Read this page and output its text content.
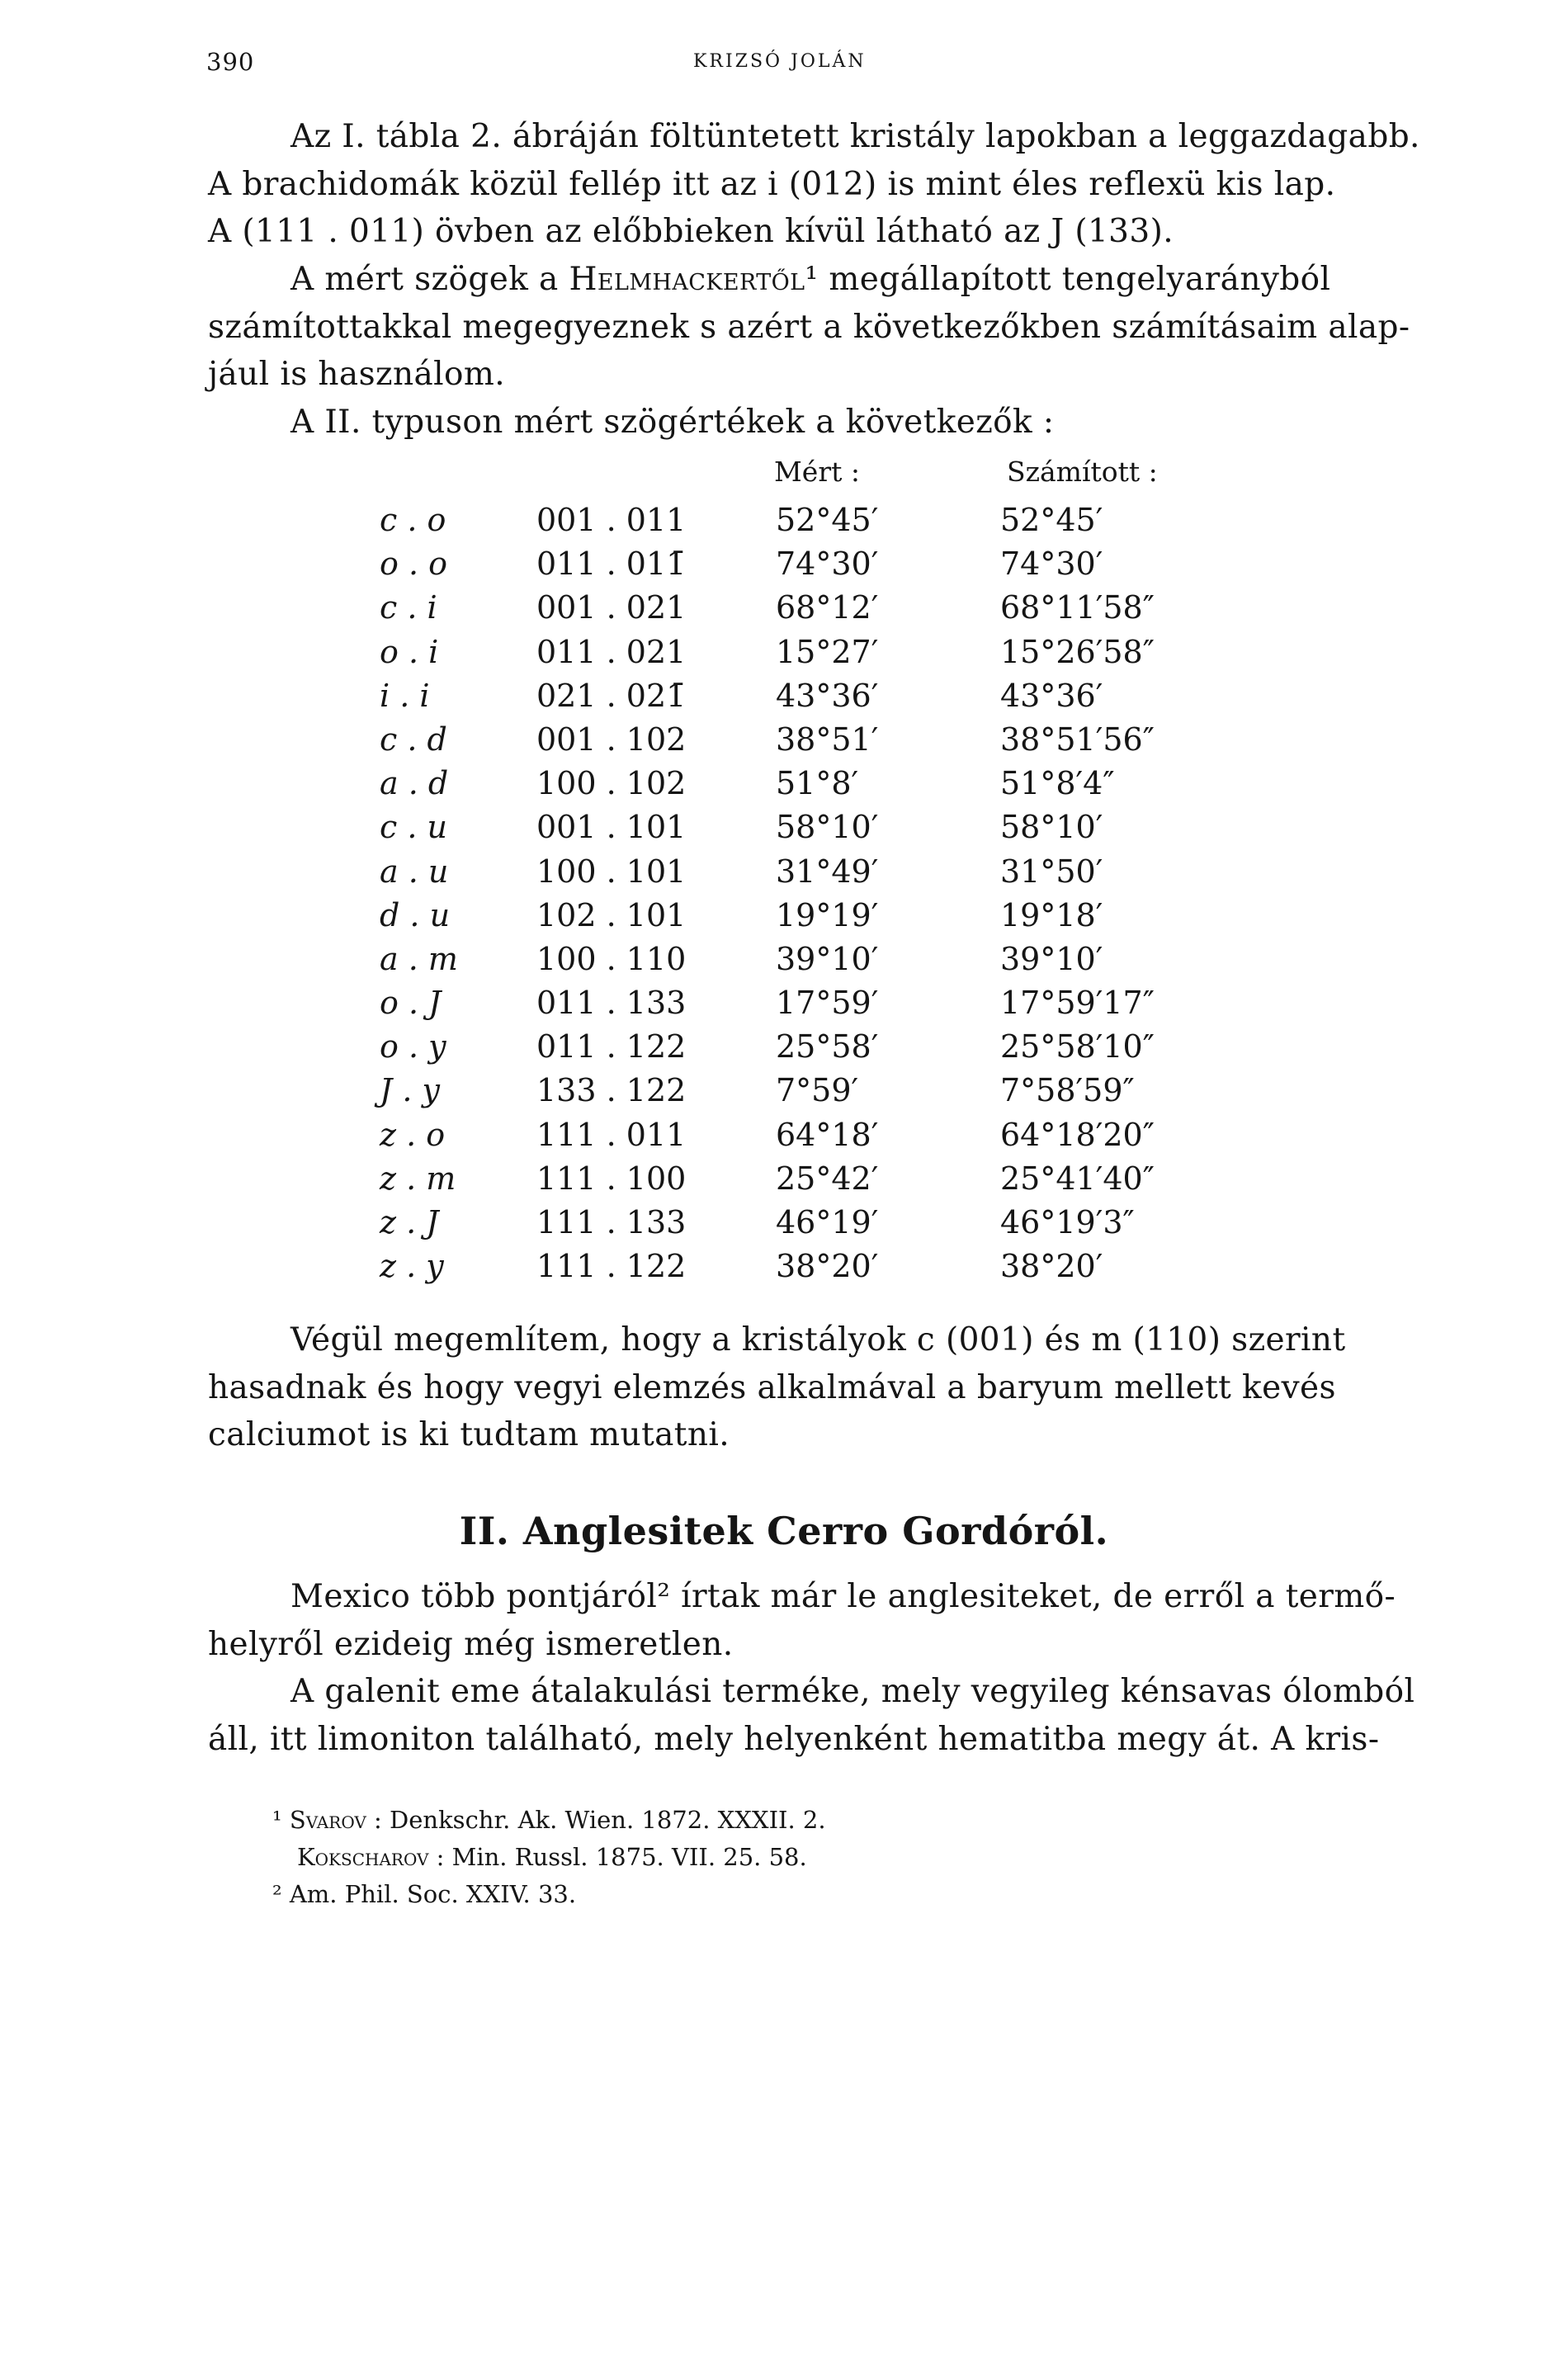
390	KRIZSÓ JOLÁN
Az I. tábla 2. ábráján föltüntetett kristály lapokban a leggazdagabb.
A brachidomák közül fellép itt az i (012) is mint éles reflexü kis lap.
A (111 . 011) övben az előbbieken kívül látható az J (133).
A mért szögek a Helmhackertől¹ megállapított tengelyarányból
számítottakkal megegyeznek s azért a következőkben számításaim alap-
jául is használom.
A II. typuson mért szögértékek a következők :
Mért :	Számított :
c . o	001 . 011	52°45′	52°45′
o . o	011 . 011̄	74°30′	74°30′
c . i	001 . 021	68°12′	68°11′58″
o . i	011 . 021	15°27′	15°26′58″
i . i	021 . 021̄	43°36′	43°36′
c . d	001 . 102	38°51′	38°51′56″
a . d	100 . 102	51°8′	51°8′4″
c . u	001 . 101	58°10′	58°10′
a . u	100 . 101	31°49′	31°50′
d . u	102 . 101	19°19′	19°18′
a . m	100 . 110	39°10′	39°10′
o . J	011 . 133	17°59′	17°59′17″
o . y	011 . 122	25°58′	25°58′10″
J . y	133 . 122	7°59′	7°58′59″
z . o	111 . 011	64°18′	64°18′20″
z . m	111 . 100	25°42′	25°41′40″
z . J	111 . 133	46°19′	46°19′3″
z . y	111 . 122	38°20′	38°20′
Végül megemlítem, hogy a kristályok c (001) és m (110) szerint
hasadnak és hogy vegyi elemzés alkalmával a baryum mellett kevés
calciumot is ki tudtam mutatni.
II. Anglesitek Cerro Gordóról.
Mexico több pontjáról² írtak már le anglesiteket, de erről a termő-
helyről ezideig még ismeretlen.
A galenit eme átalakulási terméke, mely vegyileg kénsavas ólomból
áll, itt limoniton található, mely helyenként hematitba megy át. A kris-
¹ Svarov : Denkschr. Ak. Wien. 1872. XXXII. 2.
Kokscharov : Min. Russl. 1875. VII. 25. 58.
² Am. Phil. Soc. XXIV. 33.
